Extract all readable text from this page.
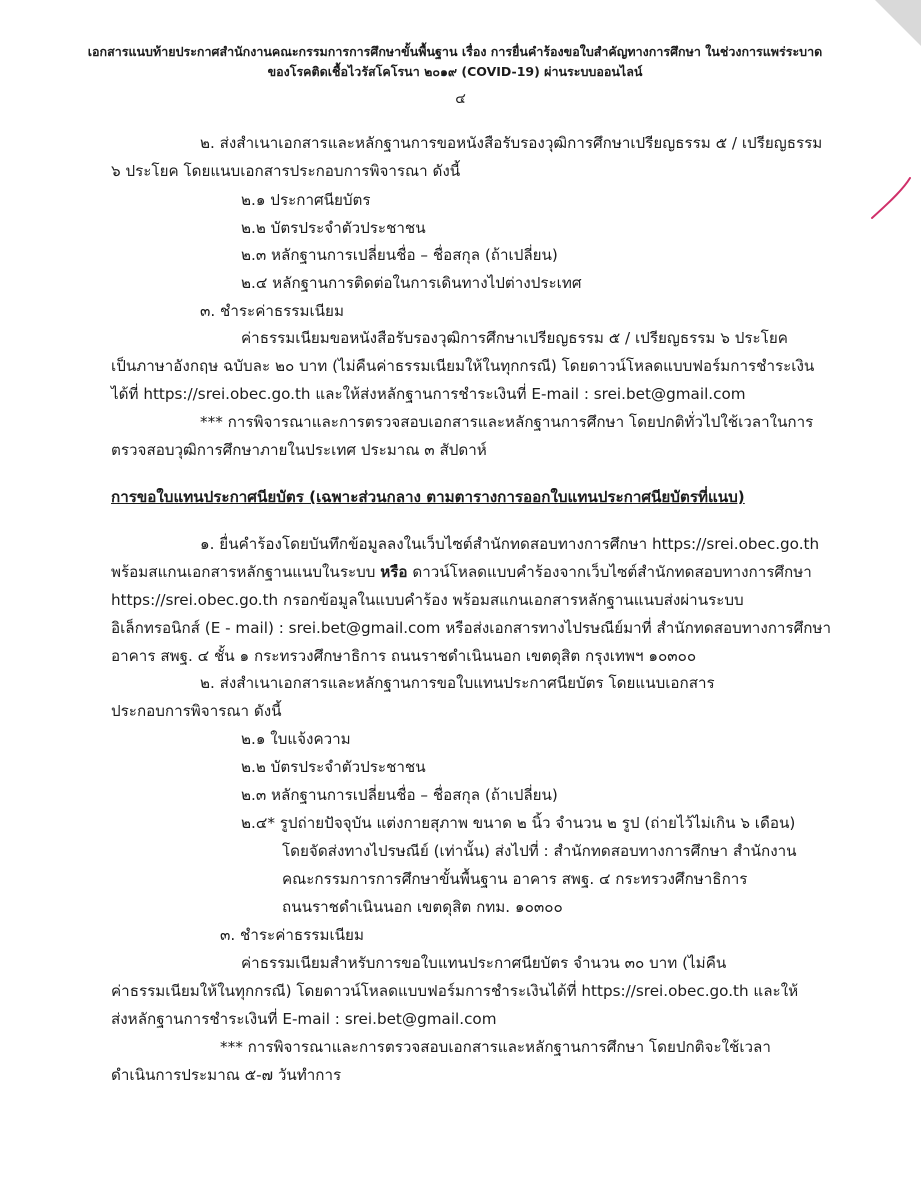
เอกสารแนบท้ายประกาศสำนักงานคณะกรรมการการศึกษาขั้นพื้นฐาน เรื่อง การยื่นคำร้องขอใบสำคัญทางการศึกษา ในช่วงการแพร่ระบาด
ของโรคติดเชื้อไวรัสโคโรนา ๒๐๑๙ (COVID-19) ผ่านระบบออนไลน์
๔
๒. ส่งสำเนาเอกสารและหลักฐานการขอหนังสือรับรองวุฒิการศึกษาเปรียญธรรม ๕ / เปรียญธรรม
๖ ประโยค โดยแนบเอกสารประกอบการพิจารณา ดังนี้
๒.๑ ประกาศนียบัตร
๒.๒ บัตรประจำตัวประชาชน
๒.๓ หลักฐานการเปลี่ยนชื่อ – ชื่อสกุล (ถ้าเปลี่ยน)
๒.๔ หลักฐานการติดต่อในการเดินทางไปต่างประเทศ
๓. ชำระค่าธรรมเนียม
ค่าธรรมเนียมขอหนังสือรับรองวุฒิการศึกษาเปรียญธรรม ๕ / เปรียญธรรม ๖ ประโยค
เป็นภาษาอังกฤษ ฉบับละ ๒๐ บาท (ไม่คืนค่าธรรมเนียมให้ในทุกกรณี) โดยดาวน์โหลดแบบฟอร์มการชำระเงิน
ได้ที่ https://srei.obec.go.th และให้ส่งหลักฐานการชำระเงินที่ E-mail : srei.bet@gmail.com
*** การพิจารณาและการตรวจสอบเอกสารและหลักฐานการศึกษา โดยปกติทั่วไปใช้เวลาในการ
ตรวจสอบวุฒิการศึกษาภายในประเทศ ประมาณ ๓ สัปดาห์
การขอใบแทนประกาศนียบัตร (เฉพาะส่วนกลาง ตามตารางการออกใบแทนประกาศนียบัตรที่แนบ)
๑. ยื่นคำร้องโดยบันทึกข้อมูลลงในเว็บไซต์สำนักทดสอบทางการศึกษา https://srei.obec.go.th
พร้อมสแกนเอกสารหลักฐานแนบในระบบ หรือ ดาวน์โหลดแบบคำร้องจากเว็บไซต์สำนักทดสอบทางการศึกษา
https://srei.obec.go.th กรอกข้อมูลในแบบคำร้อง พร้อมสแกนเอกสารหลักฐานแนบส่งผ่านระบบ
อิเล็กทรอนิกส์ (E - mail) : srei.bet@gmail.com หรือส่งเอกสารทางไปรษณีย์มาที่ สำนักทดสอบทางการศึกษา
อาคาร สพฐ. ๔ ชั้น ๑ กระทรวงศึกษาธิการ ถนนราชดำเนินนอก เขตดุสิต กรุงเทพฯ ๑๐๓๐๐
๒. ส่งสำเนาเอกสารและหลักฐานการขอใบแทนประกาศนียบัตร โดยแนบเอกสาร
ประกอบการพิจารณา ดังนี้
๒.๑ ใบแจ้งความ
๒.๒ บัตรประจำตัวประชาชน
๒.๓ หลักฐานการเปลี่ยนชื่อ – ชื่อสกุล (ถ้าเปลี่ยน)
๒.๔* รูปถ่ายปัจจุบัน แต่งกายสุภาพ ขนาด ๒ นิ้ว จำนวน ๒ รูป (ถ่ายไว้ไม่เกิน ๖ เดือน)
โดยจัดส่งทางไปรษณีย์ (เท่านั้น) ส่งไปที่ : สำนักทดสอบทางการศึกษา สำนักงาน
คณะกรรมการการศึกษาขั้นพื้นฐาน อาคาร สพฐ. ๔ กระทรวงศึกษาธิการ
ถนนราชดำเนินนอก เขตดุสิต กทม. ๑๐๓๐๐
๓. ชำระค่าธรรมเนียม
ค่าธรรมเนียมสำหรับการขอใบแทนประกาศนียบัตร จำนวน ๓๐ บาท (ไม่คืน
ค่าธรรมเนียมให้ในทุกกรณี) โดยดาวน์โหลดแบบฟอร์มการชำระเงินได้ที่ https://srei.obec.go.th และให้
ส่งหลักฐานการชำระเงินที่ E-mail : srei.bet@gmail.com
*** การพิจารณาและการตรวจสอบเอกสารและหลักฐานการศึกษา โดยปกติจะใช้เวลา
ดำเนินการประมาณ ๕-๗ วันทำการ
